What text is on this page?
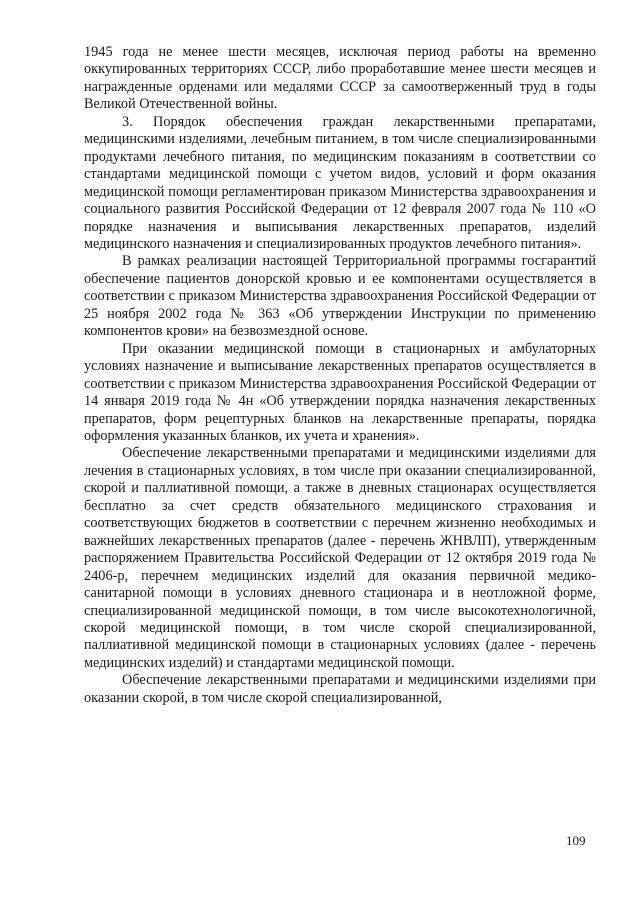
1945 года не менее шести месяцев, исключая период работы на временно оккупированных территориях СССР, либо проработавшие менее шести месяцев и награжденные орденами или медалями СССР за самоотверженный труд в годы Великой Отечественной войны.

3. Порядок обеспечения граждан лекарственными препаратами, медицинскими изделиями, лечебным питанием, в том числе специализированными продуктами лечебного питания, по медицинским показаниям в соответствии со стандартами медицинской помощи с учетом видов, условий и форм оказания медицинской помощи регламентирован приказом Министерства здравоохранения и социального развития Российской Федерации от 12 февраля 2007 года № 110 «О порядке назначения и выписывания лекарственных препаратов, изделий медицинского назначения и специализированных продуктов лечебного питания».

В рамках реализации настоящей Территориальной программы госгарантий обеспечение пациентов донорской кровью и ее компонентами осуществляется в соответствии с приказом Министерства здравоохранения Российской Федерации от 25 ноября 2002 года № 363 «Об утверждении Инструкции по применению компонентов крови» на безвозмездной основе.

При оказании медицинской помощи в стационарных и амбулаторных условиях назначение и выписывание лекарственных препаратов осуществляется в соответствии с приказом Министерства здравоохранения Российской Федерации от 14 января 2019 года № 4н «Об утверждении порядка назначения лекарственных препаратов, форм рецептурных бланков на лекарственные препараты, порядка оформления указанных бланков, их учета и хранения».

Обеспечение лекарственными препаратами и медицинскими изделиями для лечения в стационарных условиях, в том числе при оказании специализированной, скорой и паллиативной помощи, а также в дневных стационарах осуществляется бесплатно за счет средств обязательного медицинского страхования и соответствующих бюджетов в соответствии с перечнем жизненно необходимых и важнейших лекарственных препаратов (далее - перечень ЖНВЛП), утвержденным распоряжением Правительства Российской Федерации от 12 октября 2019 года № 2406-р, перечнем медицинских изделий для оказания первичной медико-санитарной помощи в условиях дневного стационара и в неотложной форме, специализированной медицинской помощи, в том числе высокотехнологичной, скорой медицинской помощи, в том числе скорой специализированной, паллиативной медицинской помощи в стационарных условиях (далее - перечень медицинских изделий) и стандартами медицинской помощи.

Обеспечение лекарственными препаратами и медицинскими изделиями при оказании скорой, в том числе скорой специализированной,

109
